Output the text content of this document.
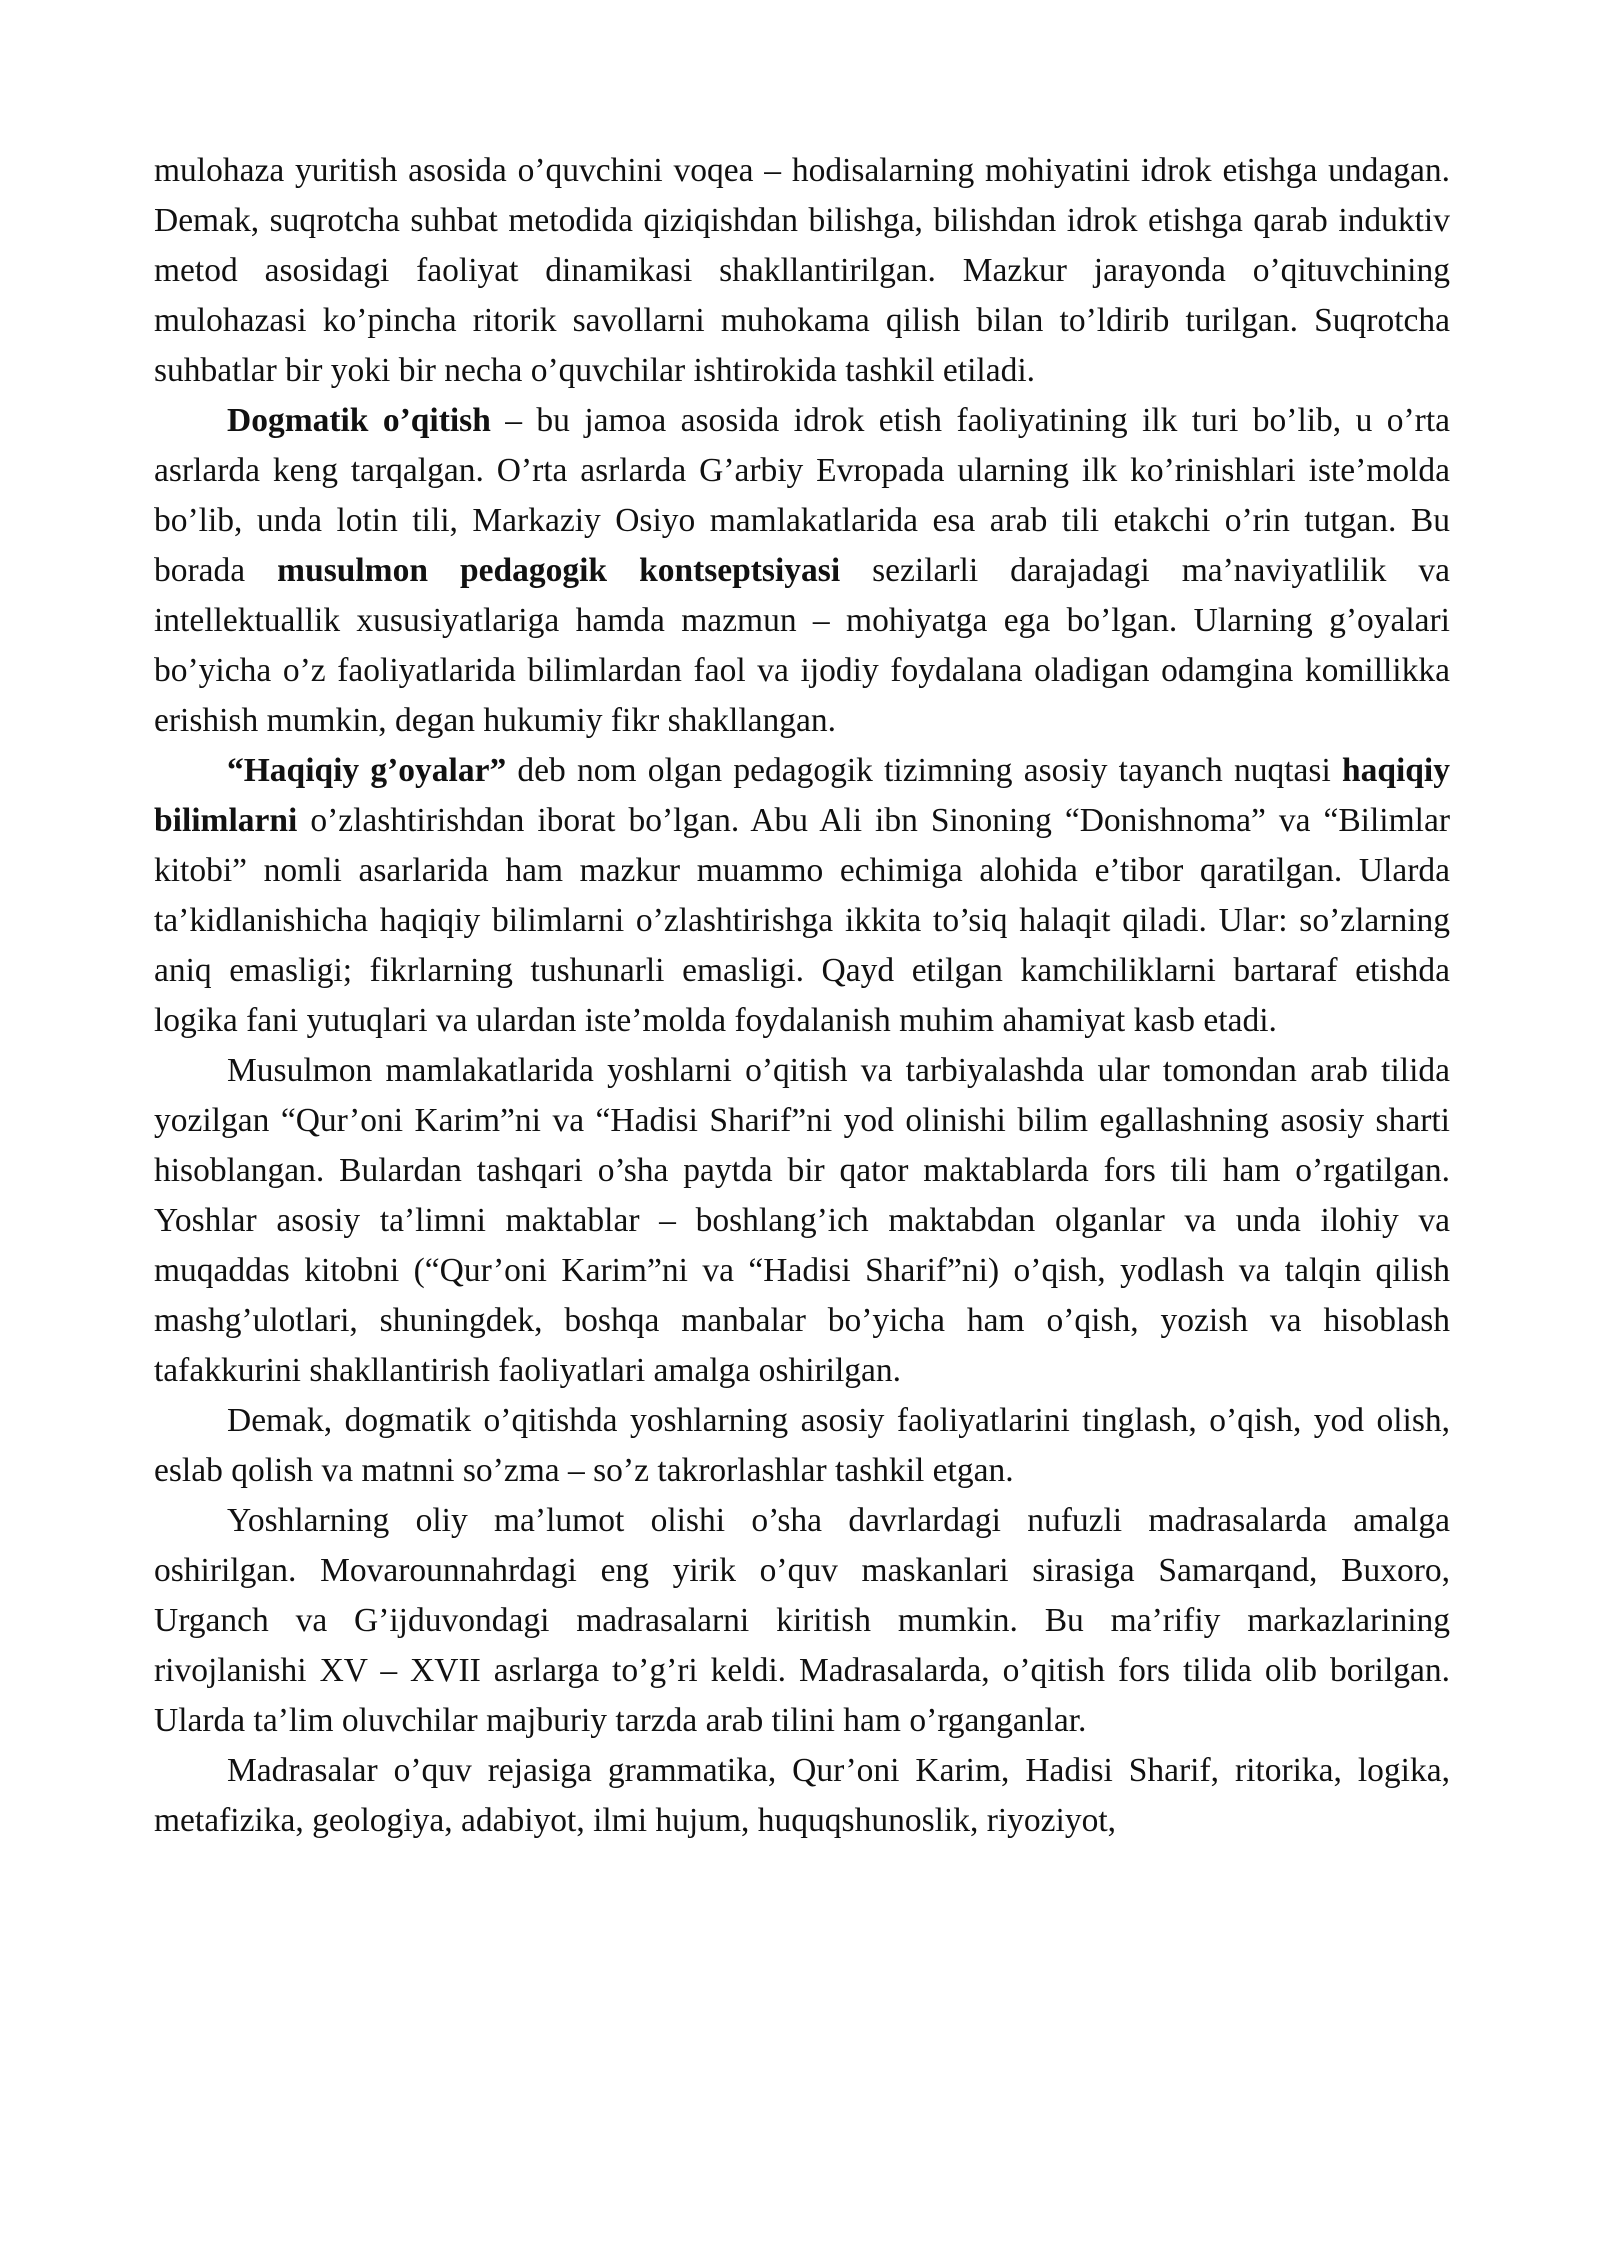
mulohaza yuritish asosida o’quvchini voqea – hodisalarning mohiyatini idrok etishga undagan. Demak, suqrotcha suhbat metodida qiziqishdan bilishga, bilishdan idrok etishga qarab induktiv metod asosidagi faoliyat dinamikasi shakllantirilgan. Mazkur jarayonda o’qituvchining mulohazasi ko’pincha ritorik savollarni muhokama qilish bilan to’ldirib turilgan. Suqrotcha suhbatlar bir yoki bir necha o’quvchilar ishtirokida tashkil etiladi.

Dogmatik o’qitish – bu jamoa asosida idrok etish faoliyatining ilk turi bo’lib, u o’rta asrlarda keng tarqalgan. O’rta asrlarda G’arbiy Evropada ularning ilk ko’rinishlari iste’molda bo’lib, unda lotin tili, Markaziy Osiyo mamlakatlarida esa arab tili etakchi o’rin tutgan. Bu borada musulmon pedagogik kontseptsiyasi sezilarli darajadagi ma’naviyatlilik va intellektuallik xususiyatlariga hamda mazmun – mohiyatga ega bo’lgan. Ularning g’oyalari bo’yicha o’z faoliyatlarida bilimlardan faol va ijodiy foydalana oladigan odamgina komillikka erishish mumkin, degan hukumiy fikr shakllangan.

“Haqiqiy g’oyalar” deb nom olgan pedagogik tizimning asosiy tayanch nuqtasi haqiqiy bilimlarni o’zlashtirishdan iborat bo’lgan. Abu Ali ibn Sinoning “Donishnoma” va “Bilimlar kitobi” nomli asarlarida ham mazkur muammo echimiga alohida e’tibor qaratilgan. Ularda ta’kidlanishicha haqiqiy bilimlarni o’zlashtirishga ikkita to’siq halaqit qiladi. Ular: so’zlarning aniq emasligi; fikrlarning tushunarli emasligi. Qayd etilgan kamchiliklarni bartaraf etishda logika fani yutuqlari va ulardan iste’molda foydalanish muhim ahamiyat kasb etadi.

Musulmon mamlakatlarida yoshlarni o’qitish va tarbiyalashda ular tomondan arab tilida yozilgan “Qur’oni Karim”ni va “Hadisi Sharif”ni yod olinishi bilim egallashning asosiy sharti hisoblangan. Bulardan tashqari o’sha paytda bir qator maktablarda fors tili ham o’rgatilgan. Yoshlar asosiy ta’limni maktablar – boshlang’ich maktabdan olganlar va unda ilohiy va muqaddas kitobni (“Qur’oni Karim”ni va “Hadisi Sharif”ni) o’qish, yodlash va talqin qilish mashg’ulotlari, shuningdek, boshqa manbalar bo’yicha ham o’qish, yozish va hisoblash tafakkurini shakllantirish faoliyatlari amalga oshirilgan.

Demak, dogmatik o’qitishda yoshlarning asosiy faoliyatlarini tinglash, o’qish, yod olish, eslab qolish va matnni so’zma – so’z takrorlashlar tashkil etgan.

Yoshlarning oliy ma’lumot olishi o’sha davrlardagi nufuzli madrasalarda amalga oshirilgan. Movarounnahrdagi eng yirik o’quv maskanlari sirasiga Samarqand, Buxoro, Urganch va G’ijduvondagi madrasalarni kiritish mumkin. Bu ma’rifiy markazlarining rivojlanishi XV – XVII asrlarga to’g’ri keldi. Madrasalarda, o’qitish fors tilida olib borilgan. Ularda ta’lim oluvchilar majburiy tarzda arab tilini ham o’rganganlar.

Madrasalar o’quv rejasiga grammatika, Qur’oni Karim, Hadisi Sharif, ritorika, logika, metafizika, geologiya, adabiyot, ilmi hujum, huquqshunoslik, riyoziyot,
